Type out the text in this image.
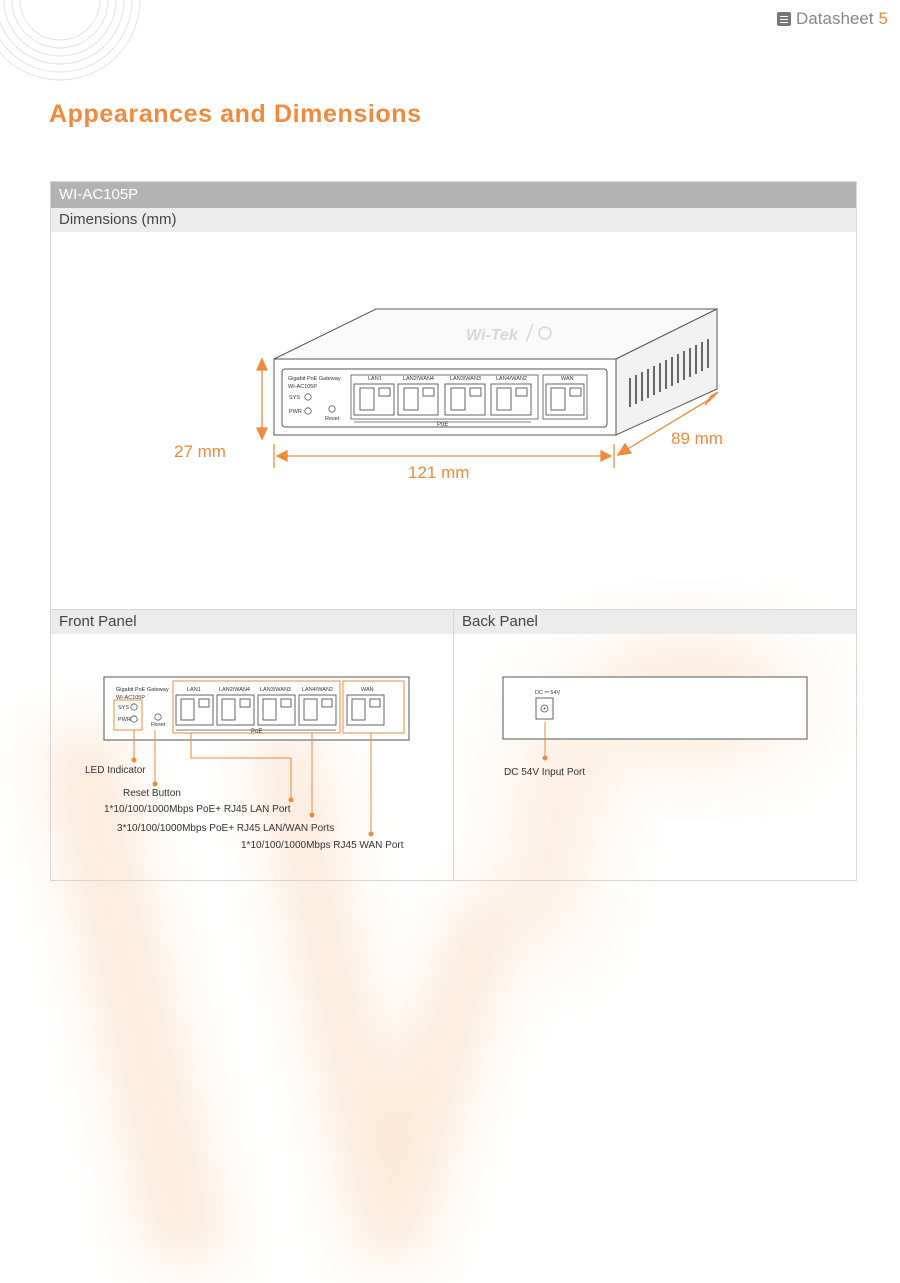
Datasheet 5
Appearances and Dimensions
WI-AC105P
Dimensions (mm)
Wi-Tek
Gigabit PoE Gateway
WI-AC105P
SYS
PWR
Reset
LAN1	LAN2/WAN4	LAN3/WAN3	LAN4/WAN2	WAN
PoE
27 mm
121 mm
89 mm
Front Panel
Gigabit PoE Gateway
WI-AC105P
SYS
PWR
Reset
LAN1	LAN2/WAN4 LAN3/WAN3 LAN4/WAN2	WAN
PoE
LED Indicator
Reset Button
1*10/100/1000Mbps PoE+ RJ45 LAN Port
3*10/100/1000Mbps PoE+ RJ45 LAN/WAN Ports
1*10/100/1000Mbps RJ45 WAN Port
Back Panel
DC ⎓ 54V
DC 54V Input Port
